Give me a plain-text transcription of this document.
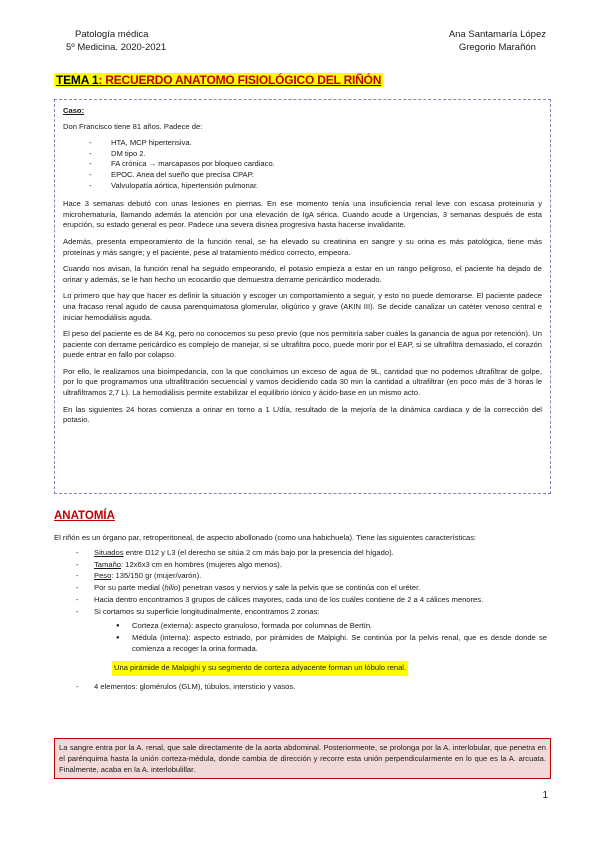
Patología médica
5º Medicina. 2020-2021
Ana Santamaría López
Gregorio Marañón
TEMA 1: RECUERDO ANATOMO FISIOLÓGICO DEL RIÑÓN
Caso:
Don Francisco tiene 81 años. Padece de:
- HTA, MCP hipertensiva.
- DM tipo 2.
- FA crónica → marcapasos por bloqueo cardiaco.
- EPOC. Anea del sueño que precisa CPAP.
- Valvulopatía aórtica, hipertensión pulmonar.
Hace 3 semanas debutó con unas lesiones en piernas. En ese momento tenía una insuficiencia renal leve con escasa proteinuria y microhematuria, llamando además la atención por una elevación de IgA sérica. Cuando acude a Urgencias, 3 semanas después de esta erupción, su estado general es peor. Padece una severa disnea progresiva hasta hacerse invalidante.
Además, presenta empeoramiento de la función renal, se ha elevado su creatinina en sangre y su orina es más patológica, tiene más proteínas y más sangre; y el paciente, pese al tratamiento médico correcto, empeora.
Cuando nos avisan, la función renal ha seguido empeorando, el potasio empieza a estar en un rango peligroso, el paciente ha dejado de orinar y además, se le han hecho un ecocardio que demuestra derrame pericárdico moderado.
Lo primero que hay que hacer es definir la situación y escoger un comportamiento a seguir, y esto no puede demorarse. El paciente padece una fracaso renal agudo de causa parenquimatosa glomerular, oligúrico y grave (AKIN III). Se decide canalizar un catéter venoso central e iniciar hemodiálisis aguda.
El peso del paciente es de 84 Kg, pero no conocemos su peso previo (que nos permitiría saber cuáles la ganancia de agua por retención). Un paciente con derrame pericárdico es complejo de manejar, si se ultrafiltra poco, puede morir por el EAP, si se ultrafiltra demasiado, el corazón puede entrar en fallo por colapso.
Por ello, le realizamos una bioimpedancia, con la que concluimos un exceso de agua de 9L, cantidad que no podemos ultrafiltrar de golpe, por lo que programamos una ultrafiltración secuencial y vamos decidiendo cada 30 min la cantidad a ultrafiltrar (en poco más de 3 horas le ultrafiltramos 2,7 L). La hemodiálisis permite estabilizar el equilibrio iónico y ácido-base en un mismo acto.
En las siguientes 24 horas comienza a orinar en torno a 1 L/día, resultado de la mejoría de la dinámica cardiaca y de la corrección del potasio.
ANATOMÍA
El riñón es un órgano par, retroperitoneal, de aspecto abollonado (como una habichuela). Tiene las siguientes características:
- Situados entre D12 y L3 (el derecho se sitúa 2 cm más bajo por la presencia del hígado).
- Tamaño: 12x6x3 cm en hombres (mujeres algo menos).
- Peso: 135/150 gr (mujer/varón).
- Por su parte medial (hilio) penetran vasos y nervios y sale la pelvis que se continúa con el uréter.
- Hacia dentro encontramos 3 grupos de cálices mayores, cada uno de los cuáles contiene de 2 a 4 cálices menores.
- Si cortamos su superficie longitudinalmente, encontramos 2 zonas:
● Corteza (externa): aspecto granuloso, formada por columnas de Bertín.
● Médula (interna): aspecto estriado, por pirámides de Malpighi. Se continúa por la pelvis renal, que es desde donde se comienza a recoger la orina formada.
Una pirámide de Malpighi y su segmento de corteza adyacente forman un lóbulo renal.
- 4 elementos: glomérulos (GLM), túbulos, intersticio y vasos.
La sangre entra por la A. renal, que sale directamente de la aorta abdominal. Posteriormente, se prolonga por la A. interlobular, que penetra en el parénquima hasta la unión corteza-médula, donde cambia de dirección y recorre esta unión perpendicularmente en lo que es la A. arcuata. Finalmente, acaba en la A. interlobulillar.
1
